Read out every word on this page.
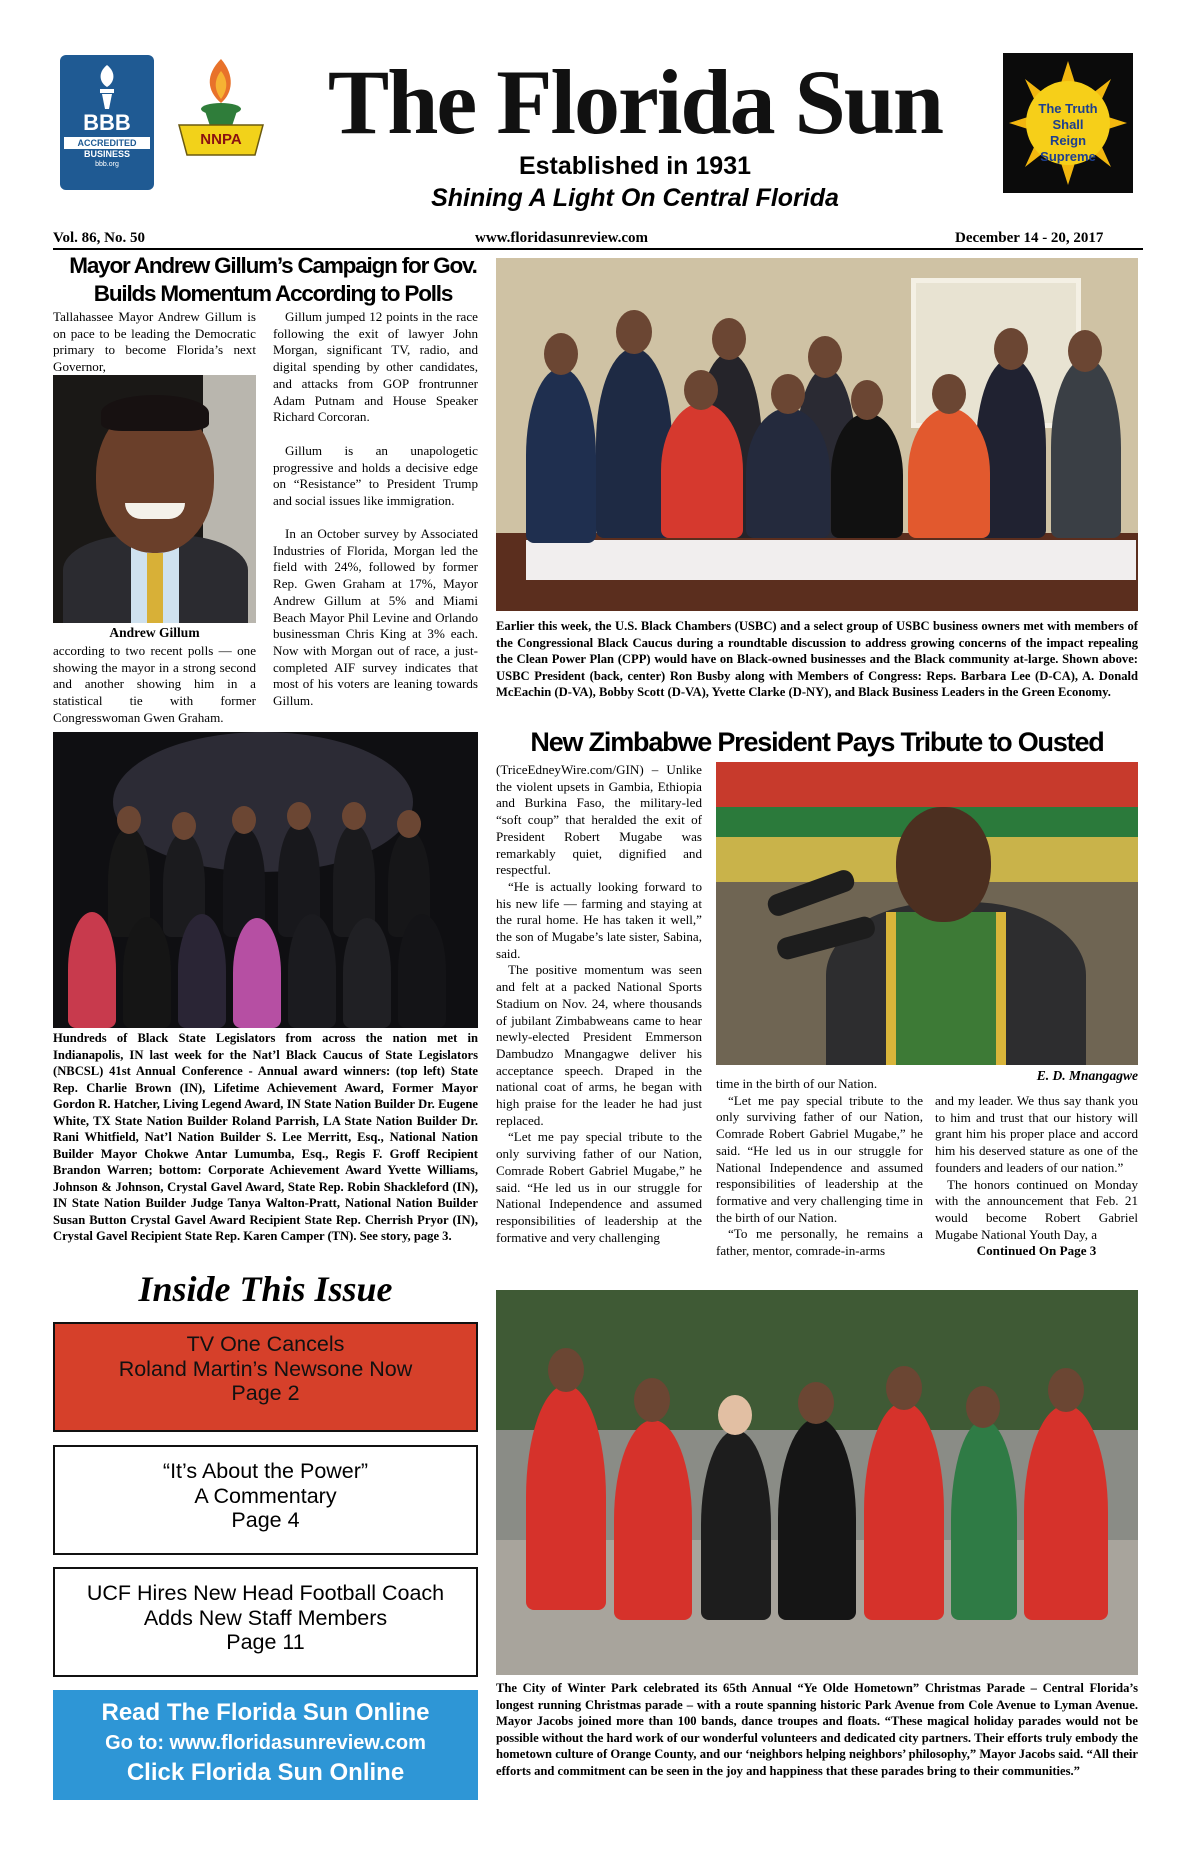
BBB
ACCREDITED
BUSINESS
bbb.org
NNPA The Florida Sun
Established in 1931
Shining A Light On Central Florida
The Truth Shall Reign Supreme
Vol. 86, No. 50	www.floridasunreview.com	December 14 - 20, 2017
Mayor Andrew Gillum’s Campaign for Gov.
Builds Momentum According to Polls
Tallahassee Mayor Andrew Gillum is on pace to be leading the Democratic primary to become Florida’s next Governor,
Andrew Gillum
according to two recent polls — one showing the mayor in a strong second and another showing him in a statistical tie with former Congresswoman Gwen Graham.
Gillum jumped 12 points in the race following the exit of lawyer John Morgan, significant TV, radio, and digital spending by other candidates, and attacks from GOP frontrunner Adam Putnam and House Speaker Richard Corcoran.
Gillum is an unapologetic progressive and holds a decisive edge on “Resistance” to President Trump and social issues like immigration.
In an October survey by Associated Industries of Florida, Morgan led the field with 24%, followed by former Rep. Gwen Graham at 17%, Mayor Andrew Gillum at 5% and Miami Beach Mayor Phil Levine and Orlando businessman Chris King at 3% each. Now with Morgan out of race, a just-completed AIF survey indicates that most of his voters are leaning towards Gillum.
Earlier this week, the U.S. Black Chambers (USBC) and a select group of USBC business owners met with members of the Congressional Black Caucus during a roundtable discussion to address growing concerns of the impact repealing the Clean Power Plan (CPP) would have on Black-owned businesses and the Black community at-large. Shown above: USBC President (back, center) Ron Busby along with Members of Congress: Reps. Barbara Lee (D-CA), A. Donald McEachin (D-VA), Bobby Scott (D-VA), Yvette Clarke (D-NY), and Black Business Leaders in the Green Economy.
Hundreds of Black State Legislators from across the nation met in Indianapolis, IN last week for the Nat’l Black Caucus of State Legislators (NBCSL) 41st Annual Conference - Annual award winners: (top left) State Rep. Charlie Brown (IN), Lifetime Achievement Award, Former Mayor Gordon R. Hatcher, Living Legend Award, IN State Nation Builder Dr. Eugene White, TX State Nation Builder Roland Parrish, LA State Nation Builder Dr. Rani Whitfield, Nat’l Nation Builder S. Lee Merritt, Esq., National Nation Builder Mayor Chokwe Antar Lumumba, Esq., Regis F. Groff Recipient Brandon Warren; bottom: Corporate Achievement Award Yvette Williams, Johnson & Johnson, Crystal Gavel Award, State Rep. Robin Shackleford (IN), IN State Nation Builder Judge Tanya Walton-Pratt, National Nation Builder Susan Button Crystal Gavel Award Recipient State Rep. Cherrish Pryor (IN), Crystal Gavel Recipient State Rep. Karen Camper (TN). See story, page 3.
Inside This Issue
TV One Cancels
Roland Martin’s Newsone Now
Page 2
“It’s About the Power”
A Commentary
Page 4
UCF Hires New Head Football Coach
Adds New Staff Members
Page 11
Read The Florida Sun Online
Go to: www.floridasunreview.com
Click Florida Sun Online
New Zimbabwe President Pays Tribute to Ousted
(TriceEdneyWire.com/GIN) – Unlike the violent upsets in Gambia, Ethiopia and Burkina Faso, the military-led “soft coup” that heralded the exit of President Robert Mugabe was remarkably quiet, dignified and respectful.
“He is actually looking forward to his new life — farming and staying at the rural home. He has taken it well,” the son of Mugabe’s late sister, Sabina, said.
The positive momentum was seen and felt at a packed National Sports Stadium on Nov. 24, where thousands of jubilant Zimbabweans came to hear newly-elected President Emmerson Dambudzo Mnangagwe deliver his acceptance speech. Draped in the national coat of arms, he began with high praise for the leader he had just replaced.
“Let me pay special tribute to the only surviving father of our Nation, Comrade Robert Gabriel Mugabe,” he said. “He led us in our struggle for National Independence and assumed responsibilities of leadership at the formative and very challenging
time in the birth of our Nation.
“Let me pay special tribute to the only surviving father of our Nation, Comrade Robert Gabriel Mugabe,” he said. “He led us in our struggle for National Independence and assumed responsibilities of leadership at the formative and very challenging time in the birth of our Nation.
“To me personally, he remains a father, mentor, comrade-in-arms
E. D. Mnangagwe
and my leader. We thus say thank you to him and trust that our history will grant him his proper place and accord him his deserved stature as one of the founders and leaders of our nation.”
The honors continued on Monday with the announcement that Feb. 21 would become Robert Gabriel Mugabe National Youth Day, a
Continued On Page 3
The City of Winter Park celebrated its 65th Annual “Ye Olde Hometown” Christmas Parade – Central Florida’s longest running Christmas parade – with a route spanning historic Park Avenue from Cole Avenue to Lyman Avenue. Mayor Jacobs joined more than 100 bands, dance troupes and floats. “These magical holiday parades would not be possible without the hard work of our wonderful volunteers and dedicated city partners. Their efforts truly embody the hometown culture of Orange County, and our ‘neighbors helping neighbors’ philosophy,” Mayor Jacobs said. “All their efforts and commitment can be seen in the joy and happiness that these parades bring to their communities.”
